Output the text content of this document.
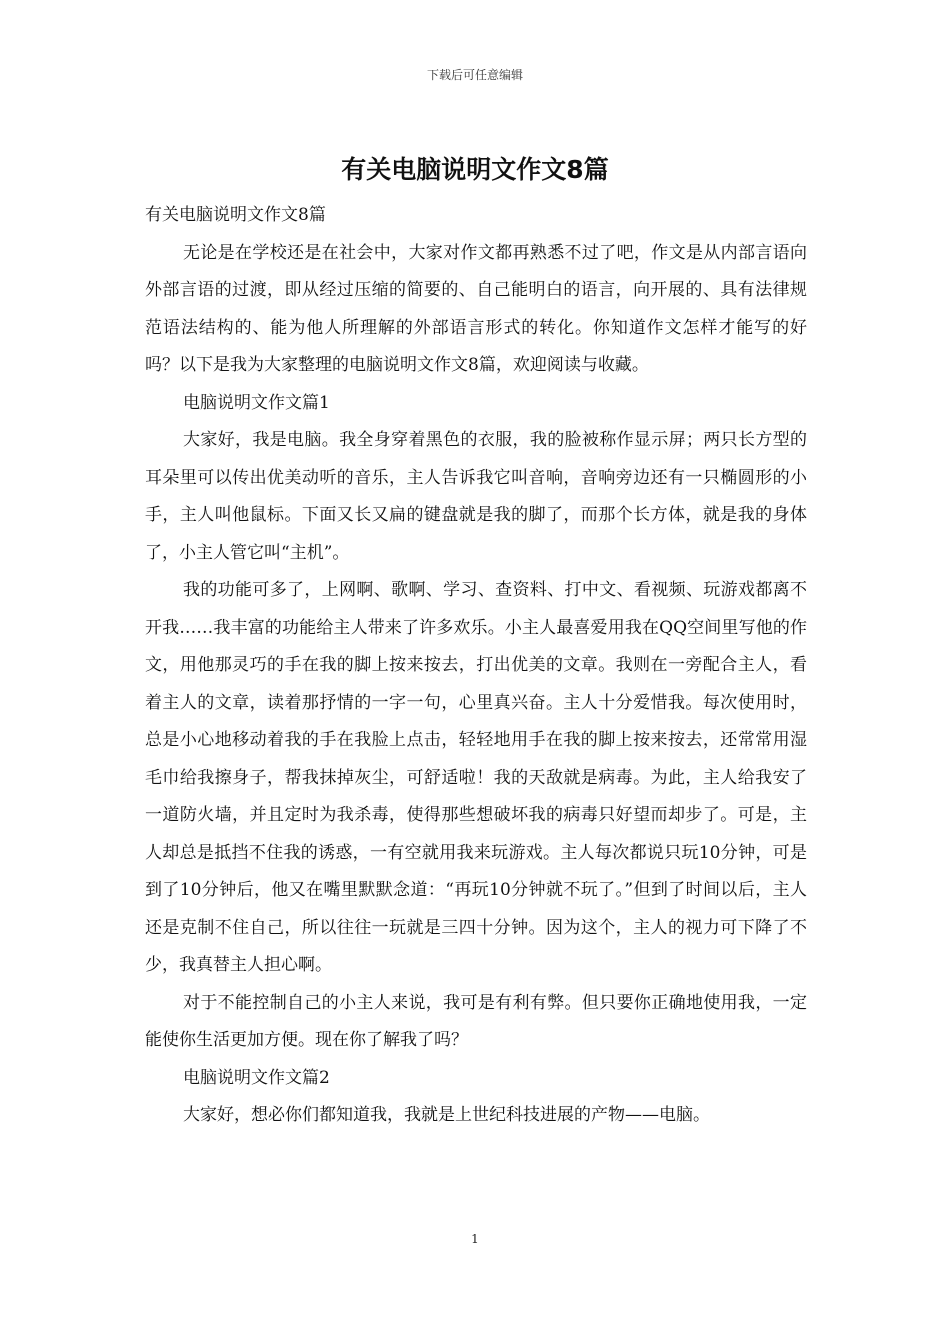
下载后可任意编辑
有关电脑说明文作文8篇

有关电脑说明文作文8篇

无论是在学校还是在社会中，大家对作文都再熟悉不过了吧，作文是从内部言语向外部言语的过渡，即从经过压缩的简要的、自己能明白的语言，向开展的、具有法律规范语法结构的、能为他人所理解的外部语言形式的转化。你知道作文怎样才能写的好吗？以下是我为大家整理的电脑说明文作文8篇，欢迎阅读与收藏。

电脑说明文作文篇1

大家好，我是电脑。我全身穿着黑色的衣服，我的脸被称作显示屏；两只长方型的耳朵里可以传出优美动听的音乐，主人告诉我它叫音响，音响旁边还有一只椭圆形的小手，主人叫他鼠标。下面又长又扁的键盘就是我的脚了，而那个长方体，就是我的身体了，小主人管它叫“主机”。

我的功能可多了，上网啊、歌啊、学习、查资料、打中文、看视频、玩游戏都离不开我……我丰富的功能给主人带来了许多欢乐。小主人最喜爱用我在QQ空间里写他的作文，用他那灵巧的手在我的脚上按来按去，打出优美的文章。我则在一旁配合主人，看着主人的文章，读着那抒情的一字一句，心里真兴奋。主人十分爱惜我。每次使用时，总是小心地移动着我的手在我脸上点击，轻轻地用手在我的脚上按来按去，还常常用湿毛巾给我擦身子，帮我抹掉灰尘，可舒适啦！我的天敌就是病毒。为此，主人给我安了一道防火墙，并且定时为我杀毒，使得那些想破坏我的病毒只好望而却步了。可是，主人却总是抵挡不住我的诱惑，一有空就用我来玩游戏。主人每次都说只玩10分钟，可是到了10分钟后，他又在嘴里默默念道：“再玩10分钟就不玩了。”但到了时间以后，主人还是克制不住自己，所以往往一玩就是三四十分钟。因为这个，主人的视力可下降了不少，我真替主人担心啊。

对于不能控制自己的小主人来说，我可是有利有弊。但只要你正确地使用我，一定能使你生活更加方便。现在你了解我了吗？

电脑说明文作文篇2

大家好，想必你们都知道我，我就是上世纪科技进展的产物——电脑。

1
